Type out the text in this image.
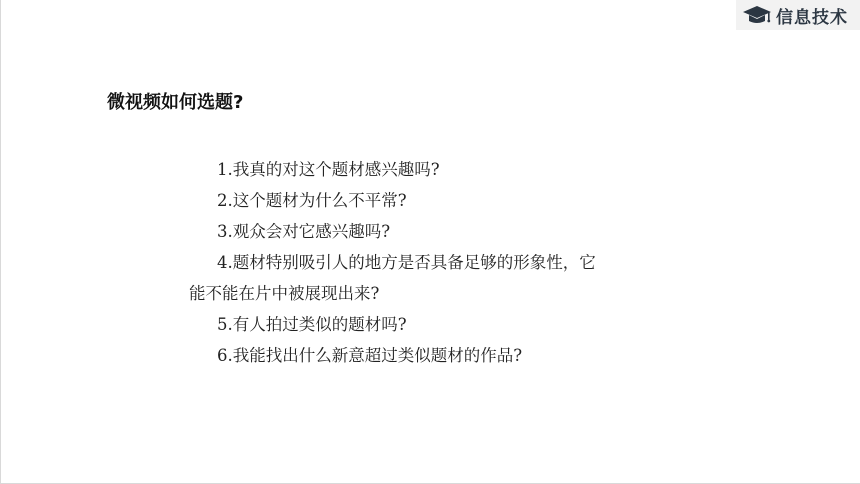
信息技术
微视频如何选题?
1.我真的对这个题材感兴趣吗?
2.这个题材为什么不平常?
3.观众会对它感兴趣吗?
4.题材特别吸引人的地方是否具备足够的形象性，它
能不能在片中被展现出来?
5.有人拍过类似的题材吗?
6.我能找出什么新意超过类似题材的作品?
